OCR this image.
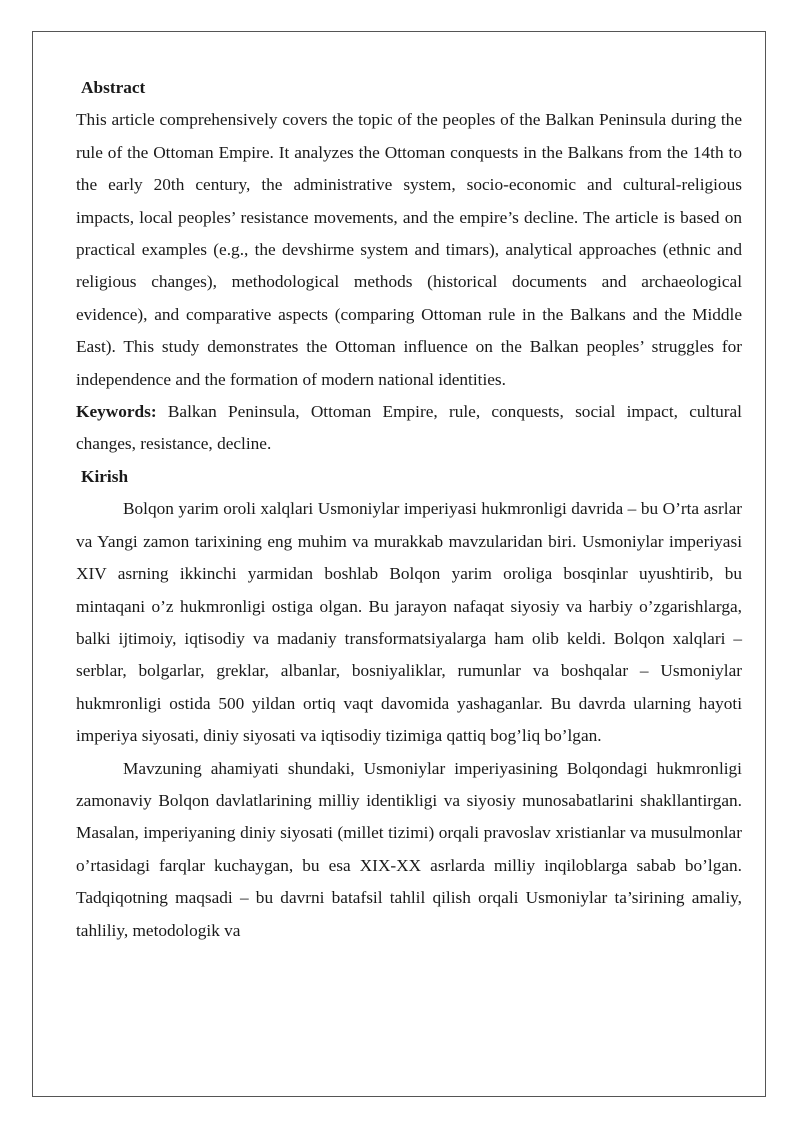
Abstract

This article comprehensively covers the topic of the peoples of the Balkan Peninsula during the rule of the Ottoman Empire. It analyzes the Ottoman conquests in the Balkans from the 14th to the early 20th century, the administrative system, socio-economic and cultural-religious impacts, local peoples’ resistance movements, and the empire’s decline. The article is based on practical examples (e.g., the devshirme system and timars), analytical approaches (ethnic and religious changes), methodological methods (historical documents and archaeological evidence), and comparative aspects (comparing Ottoman rule in the Balkans and the Middle East). This study demonstrates the Ottoman influence on the Balkan peoples’ struggles for independence and the formation of modern national identities.

Keywords: Balkan Peninsula, Ottoman Empire, rule, conquests, social impact, cultural changes, resistance, decline.

Kirish

Bolqon yarim oroli xalqlari Usmoniylar imperiyasi hukmronligi davrida – bu O’rta asrlar va Yangi zamon tarixining eng muhim va murakkab mavzularidan biri. Usmoniylar imperiyasi XIV asrning ikkinchi yarmidan boshlab Bolqon yarim oroliga bosqinlar uyushtirib, bu mintaqani o’z hukmronligi ostiga olgan. Bu jarayon nafaqat siyosiy va harbiy o’zgarishlarga, balki ijtimoiy, iqtisodiy va madaniy transformatsiyalarga ham olib keldi. Bolqon xalqlari – serblar, bolgarlar, greklar, albanlar, bosniyaliklar, rumunlar va boshqalar – Usmoniylar hukmronligi ostida 500 yildan ortiq vaqt davomida yashaganlar. Bu davrda ularning hayoti imperiya siyosati, diniy siyosati va iqtisodiy tizimiga qattiq bog’liq bo’lgan.

Mavzuning ahamiyati shundaki, Usmoniylar imperiyasining Bolqondagi hukmronligi zamonaviy Bolqon davlatlarining milliy identikligi va siyosiy munosabatlarini shakllantirgan. Masalan, imperiyaning diniy siyosati (millet tizimi) orqali pravoslav xristianlar va musulmonlar o’rtasidagi farqlar kuchaygan, bu esa XIX-XX asrlarda milliy inqiloblarga sabab bo’lgan. Tadqiqotning maqsadi – bu davrni batafsil tahlil qilish orqali Usmoniylar ta’sirining amaliy, tahliliy, metodologik va
